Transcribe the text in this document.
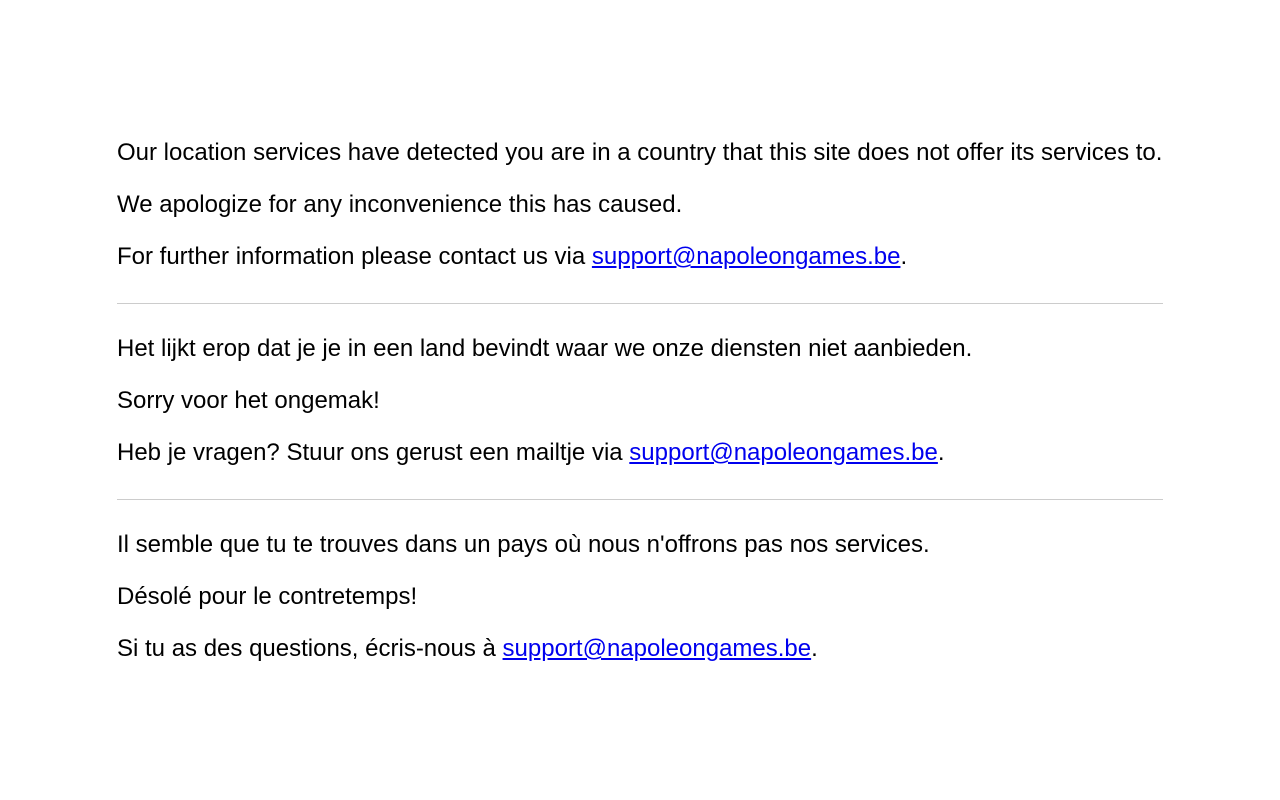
Our location services have detected you are in a country that this site does not offer its services to.

We apologize for any inconvenience this has caused.

For further information please contact us via support@napoleongames.be.

Het lijkt erop dat je je in een land bevindt waar we onze diensten niet aanbieden.

Sorry voor het ongemak!

Heb je vragen? Stuur ons gerust een mailtje via support@napoleongames.be.

Il semble que tu te trouves dans un pays où nous n'offrons pas nos services.

Désolé pour le contretemps!

Si tu as des questions, écris-nous à support@napoleongames.be.
